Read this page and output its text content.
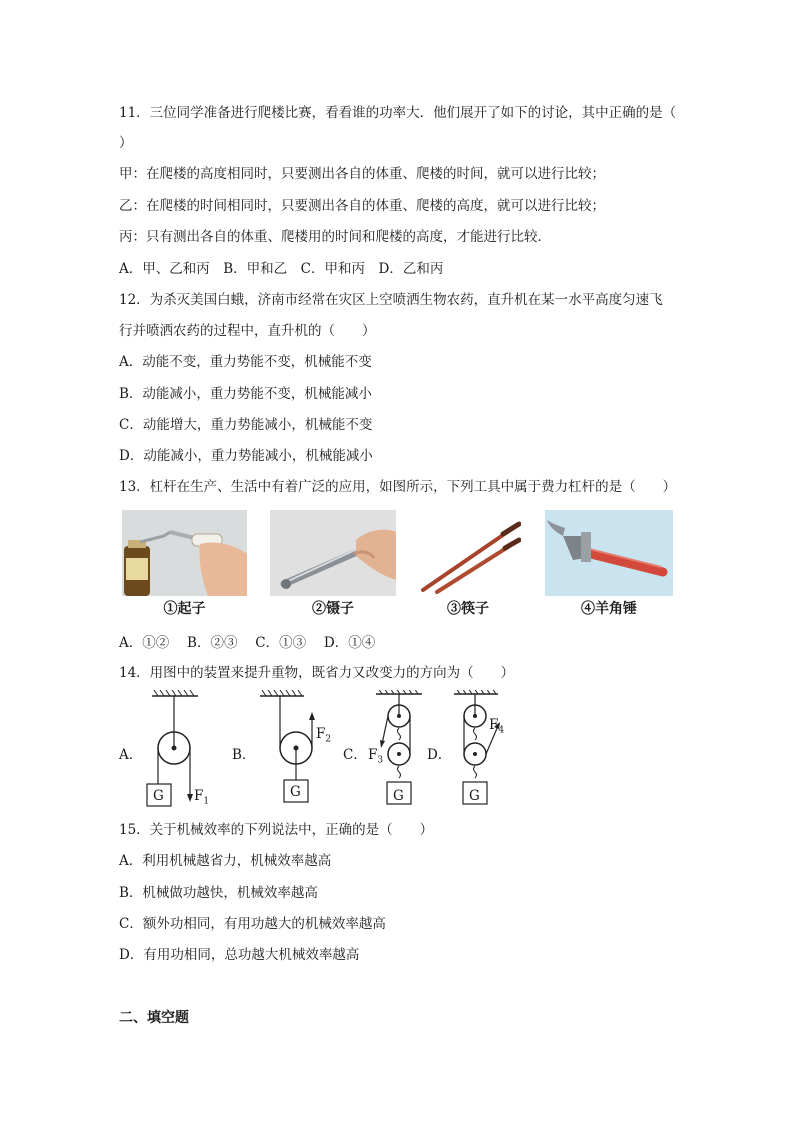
11．三位同学准备进行爬楼比赛，看看谁的功率大．他们展开了如下的讨论，其中正确的是（
）
甲：在爬楼的高度相同时，只要测出各自的体重、爬楼的时间，就可以进行比较；
乙：在爬楼的时间相同时，只要测出各自的体重、爬楼的高度，就可以进行比较；
丙：只有测出各自的体重、爬楼用的时间和爬楼的高度，才能进行比较．
A．甲、乙和丙　B．甲和乙　C．甲和丙　D．乙和丙
12．为杀灭美国白蛾，济南市经常在灾区上空喷洒生物农药，直升机在某一水平高度匀速飞
行并喷洒农药的过程中，直升机的（　　）
A．动能不变，重力势能不变，机械能不变
B．动能减小，重力势能不变，机械能减小
C．动能增大，重力势能减小，机械能不变
D．动能减小，重力势能减小，机械能减小
13．杠杆在生产、生活中有着广泛的应用，如图所示，下列工具中属于费力杠杆的是（　　）
①起子	②镊子	③筷子	④羊角锤
A．①②　 B．②③　 C．①③　 D．①④
14．用图中的装置来提升重物，既省力又改变力的方向为（　　）
A．
G $F_1$
B．
G
$F_2$
C． $F_3$
G
D．
$F_4$
G
15．关于机械效率的下列说法中，正确的是（　　）
A．利用机械越省力，机械效率越高
B．机械做功越快，机械效率越高
C．额外功相同，有用功越大的机械效率越高
D．有用功相同，总功越大机械效率越高
二、填空题
